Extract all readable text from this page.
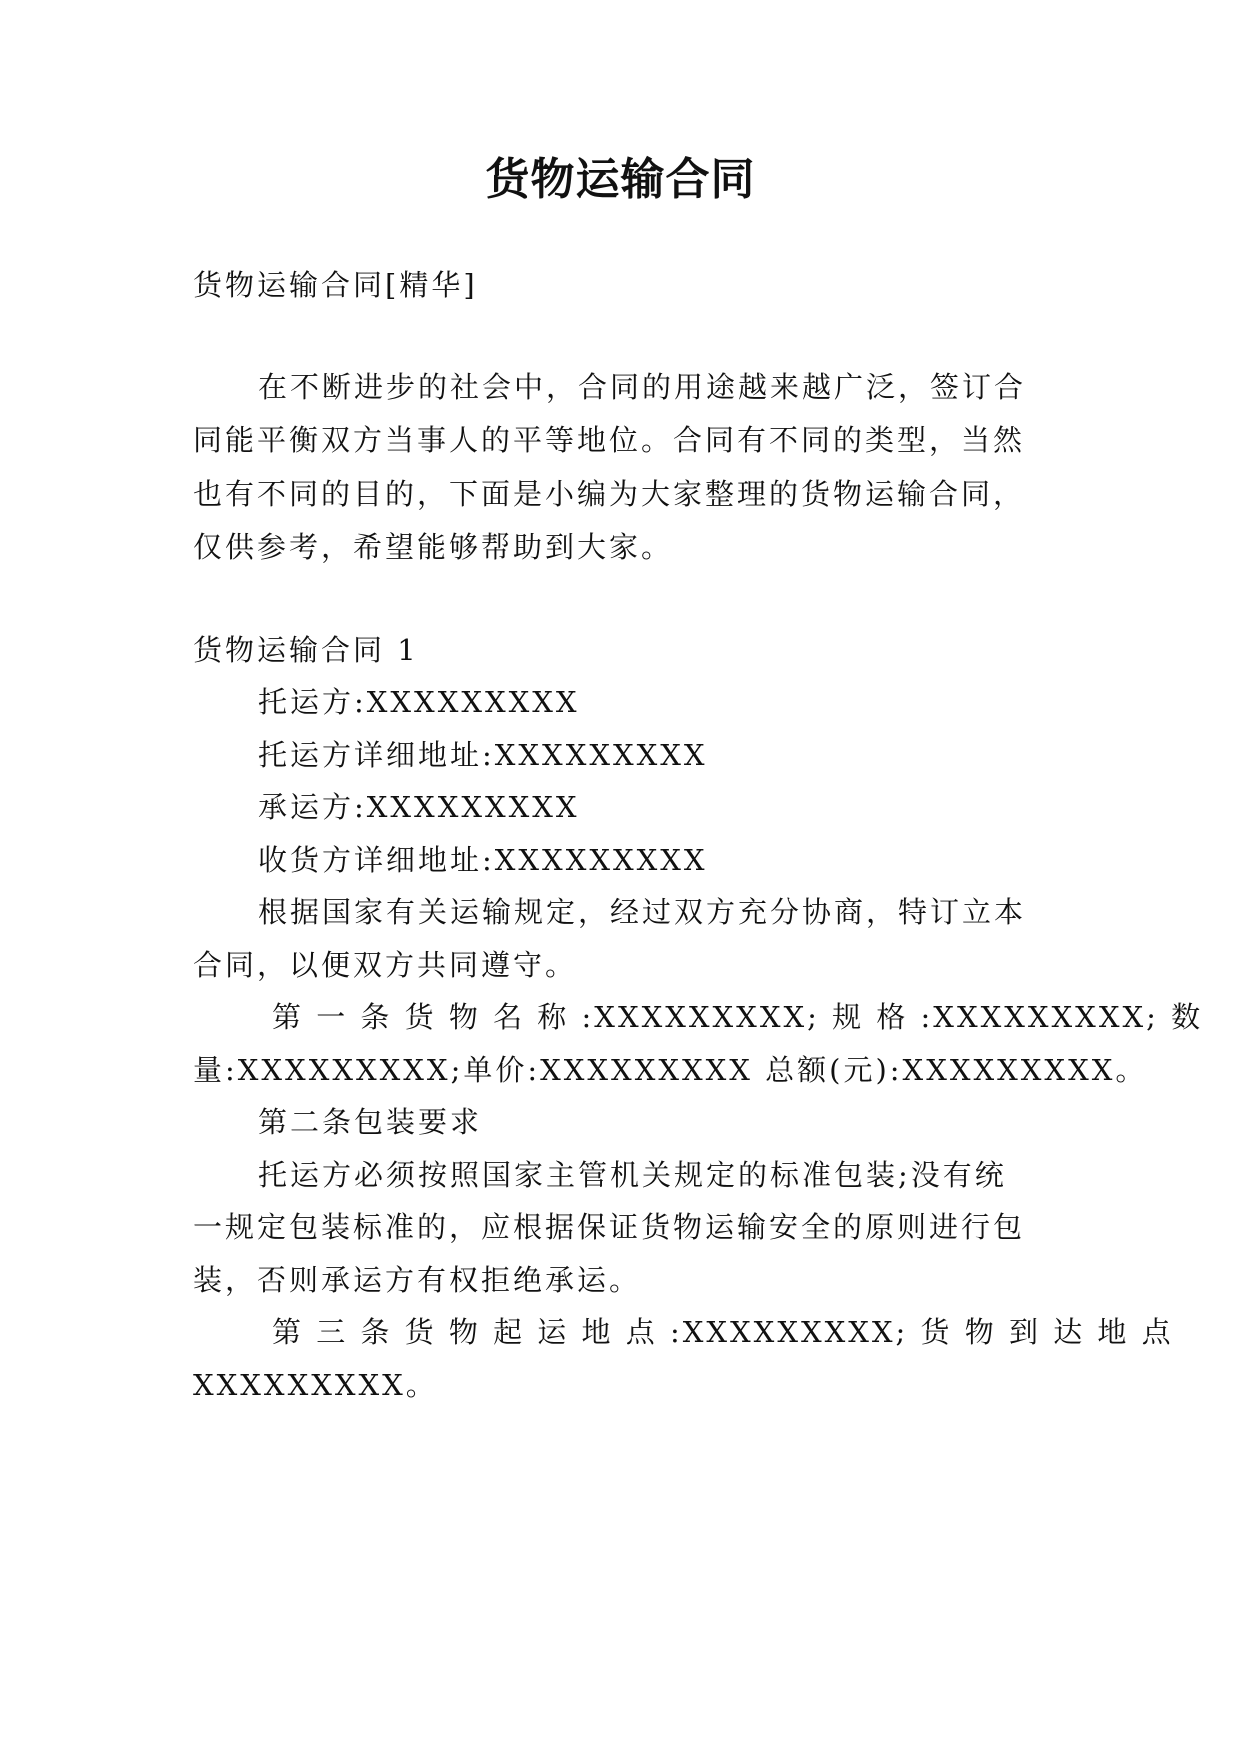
货物运输合同
货物运输合同[精华]
在不断进步的社会中，合同的用途越来越广泛，签订合
同能平衡双方当事人的平等地位。合同有不同的类型，当然
也有不同的目的，下面是小编为大家整理的货物运输合同，
仅供参考，希望能够帮助到大家。
货物运输合同 1
托运方:XXXXXXXXX
托运方详细地址:XXXXXXXXX
承运方:XXXXXXXXX
收货方详细地址:XXXXXXXXX
根据国家有关运输规定，经过双方充分协商，特订立本
合同，以便双方共同遵守。
第 一 条 货 物 名 称 :XXXXXXXXX; 规 格 :XXXXXXXXX; 数
量:XXXXXXXXX;单价:XXXXXXXXX 总额(元):XXXXXXXXX。
第二条包装要求
托运方必须按照国家主管机关规定的标准包装;没有统
一规定包装标准的，应根据保证货物运输安全的原则进行包
装，否则承运方有权拒绝承运。
第 三 条 货 物 起 运 地 点 :XXXXXXXXX; 货 物 到 达 地 点
XXXXXXXXX。
